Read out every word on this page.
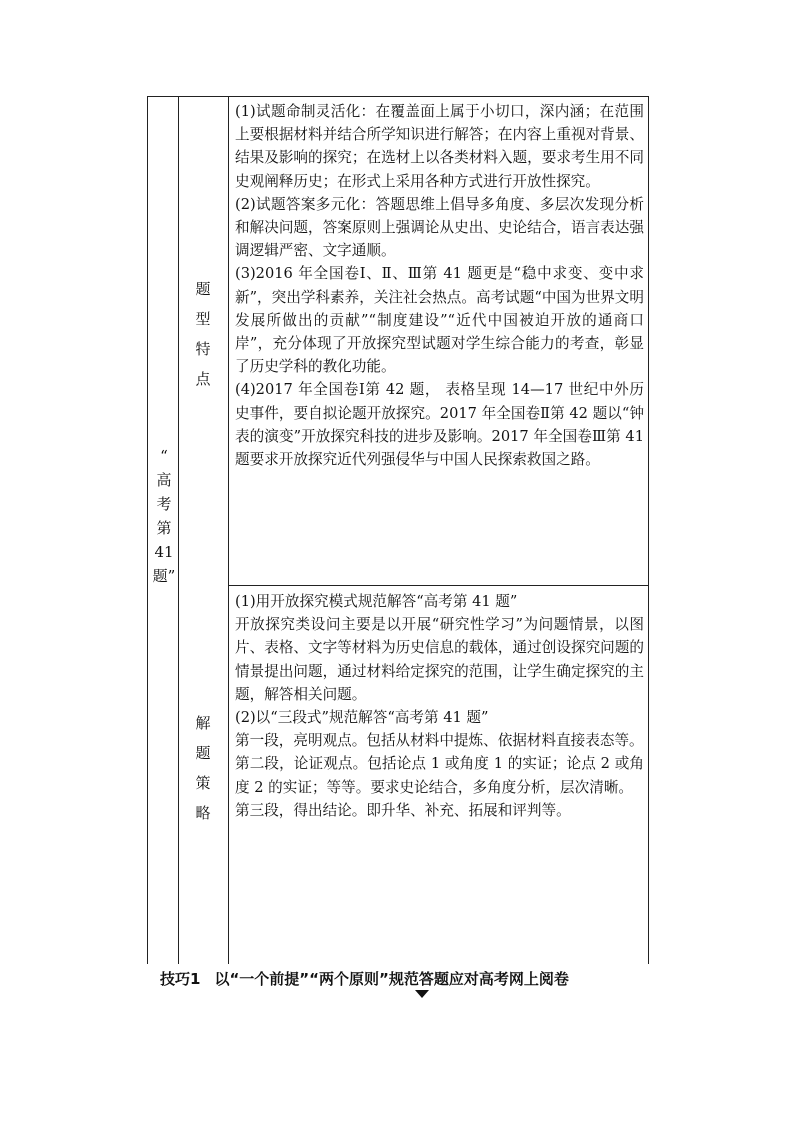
“
高
考
第
41
题”
题
型
特
点
解
题
策
略

(1)试题命制灵活化：在覆盖面上属于小切口，深内涵；在范围上要根据材料并结合所学知识进行解答；在内容上重视对背景、结果及影响的探究；在选材上以各类材料入题，要求考生用不同史观阐释历史；在形式上采用各种方式进行开放性探究。

(2)试题答案多元化：答题思维上倡导多角度、多层次发现分析和解决问题，答案原则上强调论从史出、史论结合，语言表达强调逻辑严密、文字通顺。

(3)2016 年全国卷Ⅰ、Ⅱ、Ⅲ第 41 题更是“稳中求变、变中求新”，突出学科素养，关注社会热点。高考试题“中国为世界文明发展所做出的贡献”“制度建设”“近代中国被迫开放的通商口岸”，充分体现了开放探究型试题对学生综合能力的考查，彰显了历史学科的教化功能。

(4)2017 年全国卷Ⅰ第 42 题， 表格呈现 14—17 世纪中外历史事件，要自拟论题开放探究。2017 年全国卷Ⅱ第 42 题以“钟表的演变”开放探究科技的进步及影响。2017 年全国卷Ⅲ第 41 题要求开放探究近代列强侵华与中国人民探索救国之路。

(1)用开放探究模式规范解答“高考第 41 题”

开放探究类设问主要是以开展“研究性学习”为问题情景，以图片、表格、文字等材料为历史信息的载体，通过创设探究问题的情景提出问题，通过材料给定探究的范围，让学生确定探究的主题，解答相关问题。

(2)以“三段式”规范解答“高考第 41 题”

第一段，亮明观点。包括从材料中提炼、依据材料直接表态等。

第二段，论证观点。包括论点 1 或角度 1 的实证；论点 2 或角度 2 的实证；等等。要求史论结合，多角度分析，层次清晰。

第三段，得出结论。即升华、补充、拓展和评判等。

技巧1 以“一个前提”“两个原则”规范答题应对高考网上阅卷
